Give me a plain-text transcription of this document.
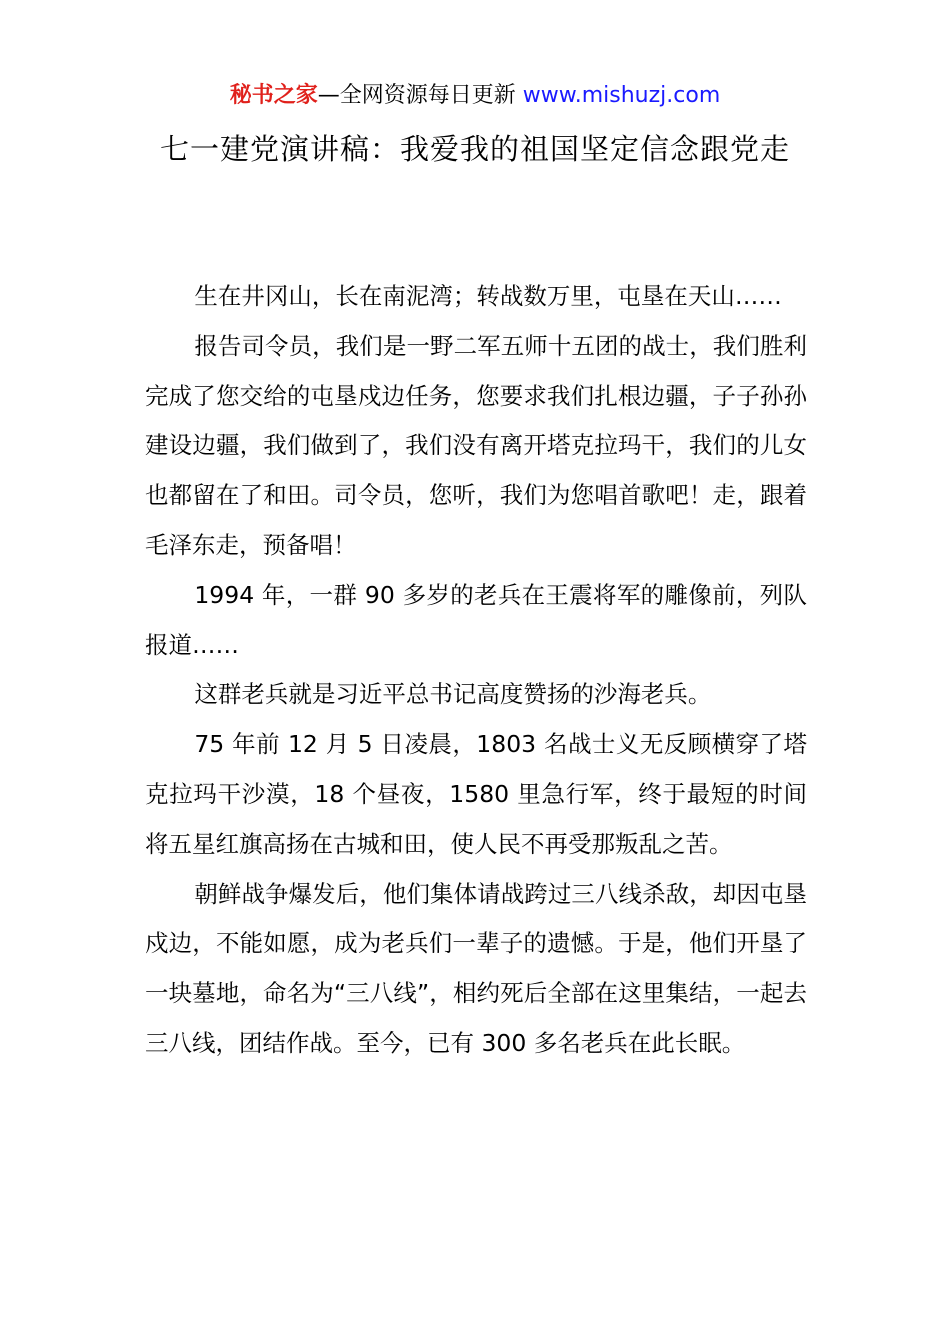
秘书之家—全网资源每日更新 www.mishuzj.com
七一建党演讲稿：我爱我的祖国坚定信念跟党走

生在井冈山，长在南泥湾；转战数万里，屯垦在天山……

报告司令员，我们是一野二军五师十五团的战士，我们胜利完成了您交给的屯垦戍边任务，您要求我们扎根边疆，子子孙孙建设边疆，我们做到了，我们没有离开塔克拉玛干，我们的儿女也都留在了和田。司令员，您听，我们为您唱首歌吧！走，跟着毛泽东走，预备唱！

1994 年，一群 90 多岁的老兵在王震将军的雕像前，列队报道……

这群老兵就是习近平总书记高度赞扬的沙海老兵。

75 年前 12 月 5 日凌晨，1803 名战士义无反顾横穿了塔克拉玛干沙漠，18 个昼夜，1580 里急行军，终于最短的时间将五星红旗高扬在古城和田，使人民不再受那叛乱之苦。

朝鲜战争爆发后，他们集体请战跨过三八线杀敌，却因屯垦戍边，不能如愿，成为老兵们一辈子的遗憾。于是，他们开垦了一块墓地，命名为“三八线”，相约死后全部在这里集结，一起去三八线，团结作战。至今，已有 300 多名老兵在此长眠。
